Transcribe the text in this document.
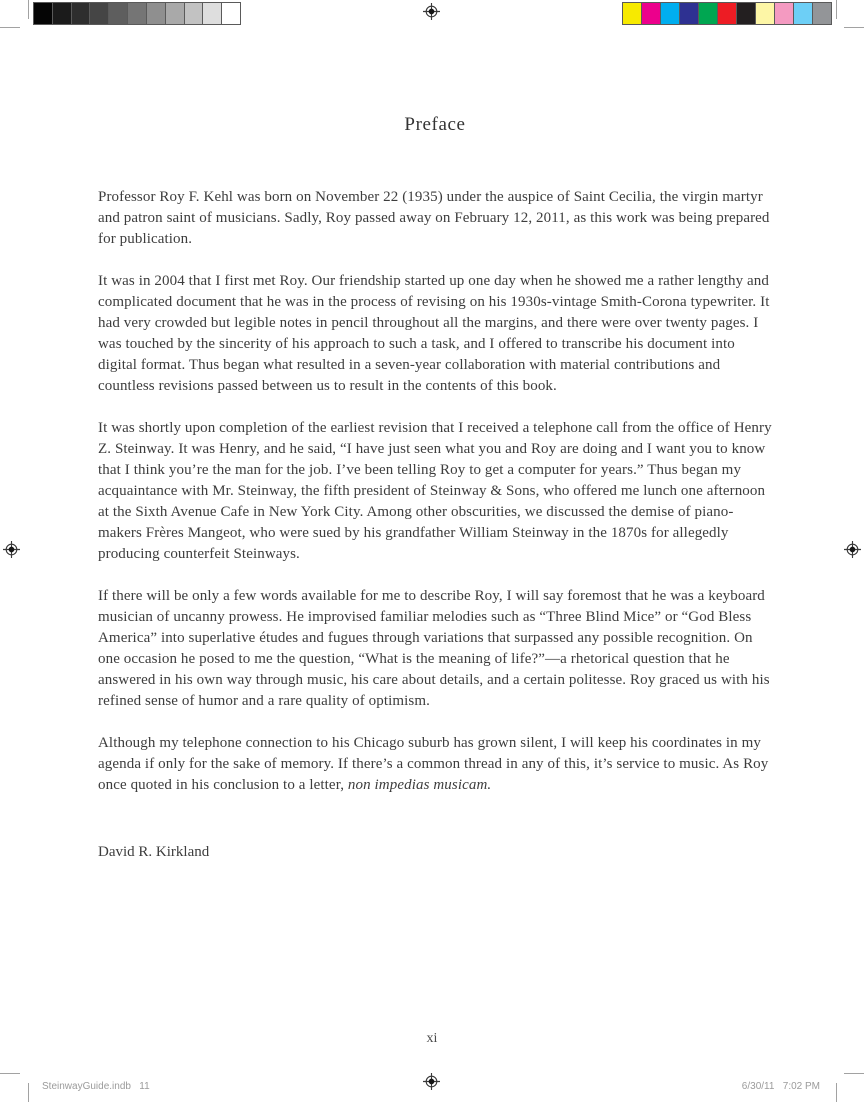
Preface

Professor Roy F. Kehl was born on November 22 (1935) under the auspice of Saint Cecilia, the virgin martyr and patron saint of musicians. Sadly, Roy passed away on February 12, 2011, as this work was being prepared for publication.

It was in 2004 that I first met Roy. Our friendship started up one day when he showed me a rather lengthy and complicated document that he was in the process of revising on his 1930s-vintage Smith-Corona typewriter. It had very crowded but legible notes in pencil throughout all the margins, and there were over twenty pages. I was touched by the sincerity of his approach to such a task, and I offered to transcribe his document into digital format. Thus began what resulted in a seven-year collaboration with material contributions and countless revisions passed between us to result in the contents of this book.

It was shortly upon completion of the earliest revision that I received a telephone call from the office of Henry Z. Steinway. It was Henry, and he said, “I have just seen what you and Roy are doing and I want you to know that I think you’re the man for the job. I’ve been telling Roy to get a computer for years.” Thus began my acquaintance with Mr. Steinway, the fifth president of Steinway & Sons, who offered me lunch one afternoon at the Sixth Avenue Cafe in New York City. Among other obscurities, we discussed the demise of piano-makers Frères Mangeot, who were sued by his grandfather William Steinway in the 1870s for allegedly producing counterfeit Steinways.

If there will be only a few words available for me to describe Roy, I will say foremost that he was a keyboard musician of uncanny prowess. He improvised familiar melodies such as “Three Blind Mice” or “God Bless America” into superlative études and fugues through variations that surpassed any possible recognition. On one occasion he posed to me the question, “What is the meaning of life?”—a rhetorical question that he answered in his own way through music, his care about details, and a certain politesse. Roy graced us with his refined sense of humor and a rare quality of optimism.

Although my telephone connection to his Chicago suburb has grown silent, I will keep his coordinates in my agenda if only for the sake of memory. If there’s a common thread in any of this, it’s service to music. As Roy once quoted in his conclusion to a letter, non impedias musicam.

David R. Kirkland

xi
SteinwayGuide.indb   11	6/30/11   7:02 PM
